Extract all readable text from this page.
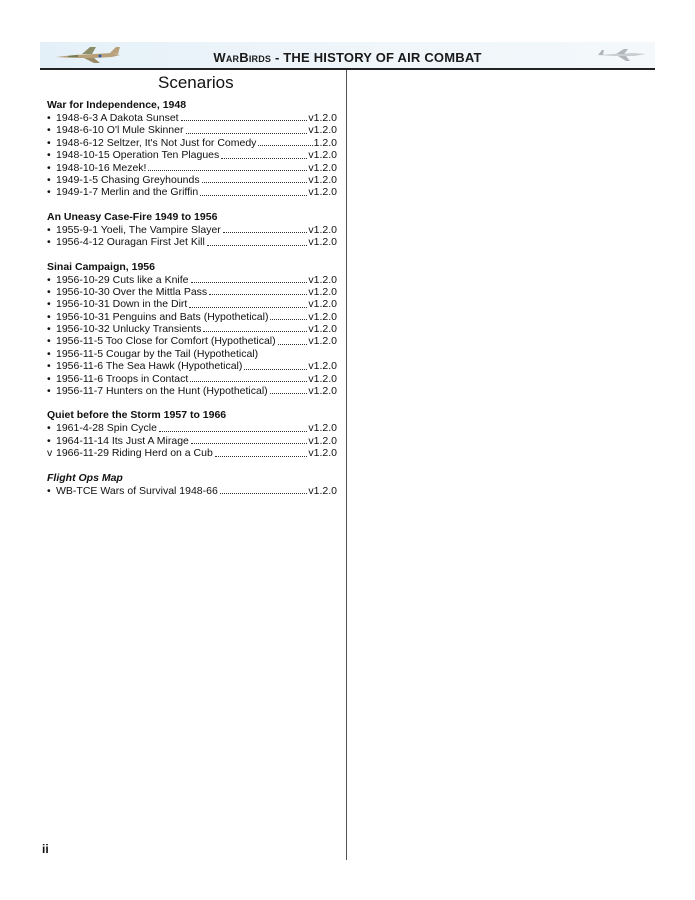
WarBirds - THE HISTORY OF AIR COMBAT
Scenarios
War for Independence, 1948
• 1948-6-3 A Dakota Sunset	v1.2.0
• 1948-6-10 O'l Mule Skinner	v1.2.0
• 1948-6-12 Seltzer, It's Not Just for Comedy	1.2.0
• 1948-10-15 Operation Ten Plagues	v1.2.0
• 1948-10-16 Mezek!	v1.2.0
• 1949-1-5 Chasing Greyhounds	v1.2.0
• 1949-1-7 Merlin and the Griffin	v1.2.0
An Uneasy Case-Fire 1949 to 1956
• 1955-9-1 Yoeli, The Vampire Slayer	v1.2.0
• 1956-4-12 Ouragan First Jet Kill	v1.2.0
Sinai Campaign, 1956
• 1956-10-29 Cuts like a Knife	v1.2.0
• 1956-10-30 Over the Mittla Pass	v1.2.0
• 1956-10-31 Down in the Dirt	v1.2.0
• 1956-10-31 Penguins and Bats (Hypothetical)	v1.2.0
• 1956-10-32 Unlucky Transients	v1.2.0
• 1956-11-5 Too Close for Comfort (Hypothetical)	v1.2.0
• 1956-11-5 Cougar by the Tail (Hypothetical)
• 1956-11-6 The Sea Hawk (Hypothetical)	v1.2.0
• 1956-11-6 Troops in Contact	v1.2.0
• 1956-11-7 Hunters on the Hunt (Hypothetical)	v1.2.0
Quiet before the Storm 1957 to 1966
• 1961-4-28 Spin Cycle	v1.2.0
• 1964-11-14 Its Just A Mirage	v1.2.0
v 1966-11-29 Riding Herd on a Cub	v1.2.0
Flight Ops Map
• WB-TCE Wars of Survival 1948-66	v1.2.0
ii
